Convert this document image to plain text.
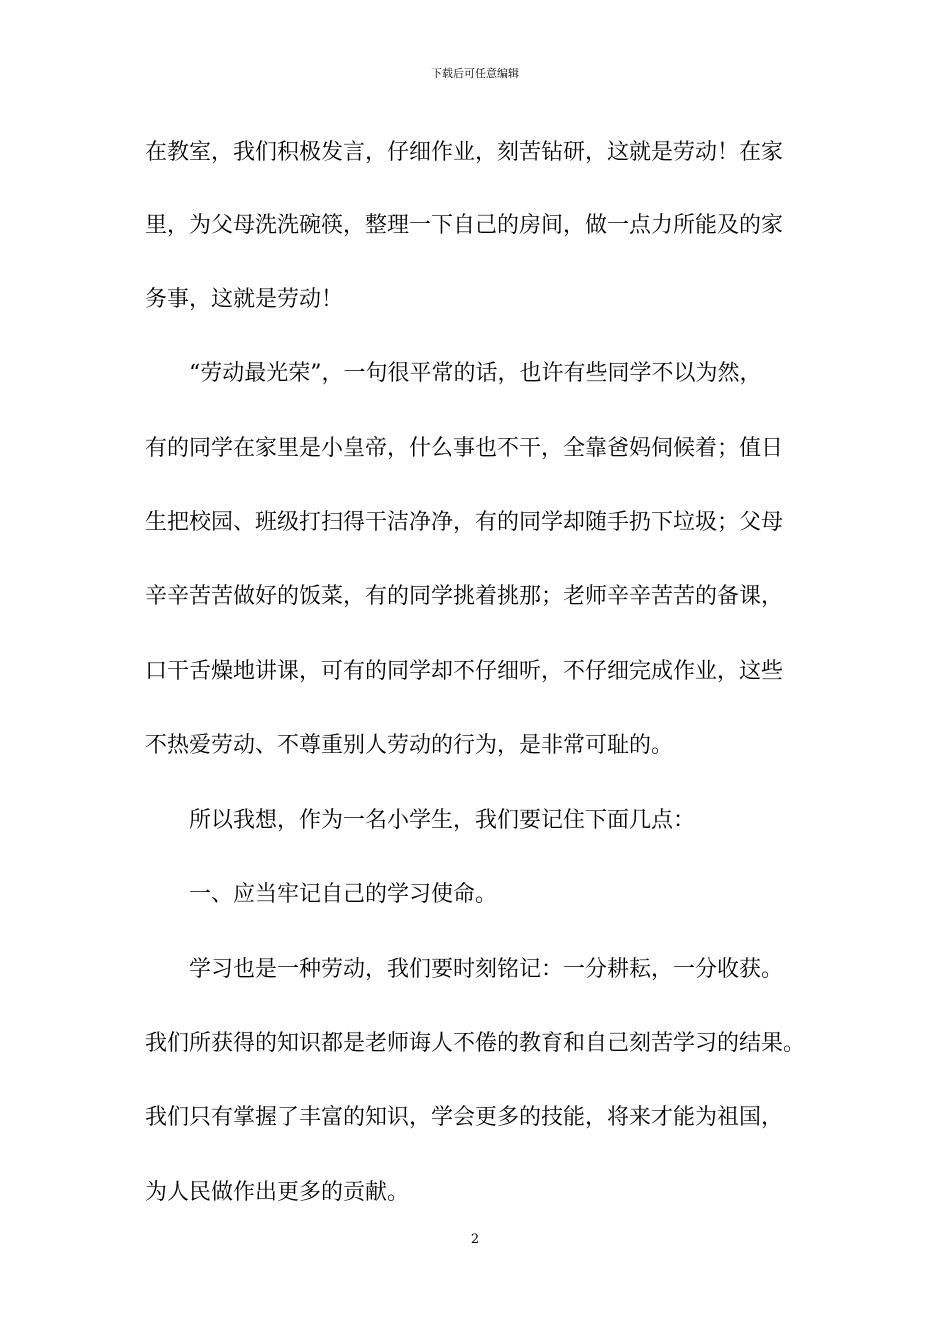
下载后可任意编辑
在教室，我们积极发言，仔细作业，刻苦钻研，这就是劳动！在家
里，为父母洗洗碗筷，整理一下自己的房间，做一点力所能及的家
务事，这就是劳动！
“劳动最光荣”，一句很平常的话，也许有些同学不以为然，
有的同学在家里是小皇帝，什么事也不干，全靠爸妈伺候着；值日
生把校园、班级打扫得干洁净净，有的同学却随手扔下垃圾；父母
辛辛苦苦做好的饭菜，有的同学挑着挑那；老师辛辛苦苦的备课，
口干舌燥地讲课，可有的同学却不仔细听，不仔细完成作业，这些
不热爱劳动、不尊重别人劳动的行为，是非常可耻的。
所以我想，作为一名小学生，我们要记住下面几点：
一、应当牢记自己的学习使命。
学习也是一种劳动，我们要时刻铭记：一分耕耘，一分收获。
我们所获得的知识都是老师诲人不倦的教育和自己刻苦学习的结果。
我们只有掌握了丰富的知识，学会更多的技能，将来才能为祖国，
为人民做作出更多的贡献。
2
